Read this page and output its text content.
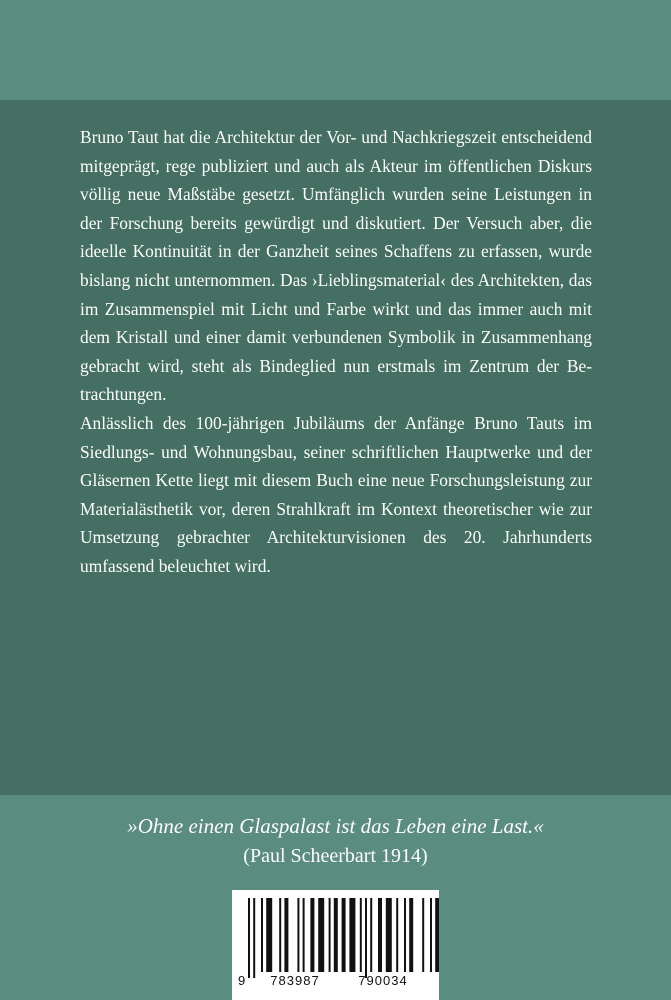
Bruno Taut hat die Architektur der Vor- und Nachkriegszeit entscheidend mitgeprägt, rege publiziert und auch als Akteur im öffentlichen Diskurs völlig neue Maßstäbe gesetzt. Umfänglich wurden seine Leistungen in der Forschung bereits gewürdigt und diskutiert. Der Versuch aber, die ideelle Kontinuität in der Ganzheit seines Schaffens zu erfassen, wurde bislang nicht unternommen. Das ›Lieblingsmaterial‹ des Architekten, das im Zusammenspiel mit Licht und Farbe wirkt und das immer auch mit dem Kristall und einer damit verbundenen Symbolik in Zusammenhang gebracht wird, steht als Bindeglied nun erstmals im Zentrum der Betrachtungen.

Anlässlich des 100-jährigen Jubiläums der Anfänge Bruno Tauts im Siedlungs- und Wohnungsbau, seiner schriftlichen Hauptwerke und der Gläsernen Kette liegt mit diesem Buch eine neue Forschungsleistung zur Materialästhetik vor, deren Strahlkraft im Kontext theoretischer wie zur Umsetzung gebrachter Architekturvisionen des 20. Jahrhunderts umfassend beleuchtet wird.

»Ohne einen Glaspalast ist das Leben eine Last.«
(Paul Scheerbart 1914)
9	783987	790034
